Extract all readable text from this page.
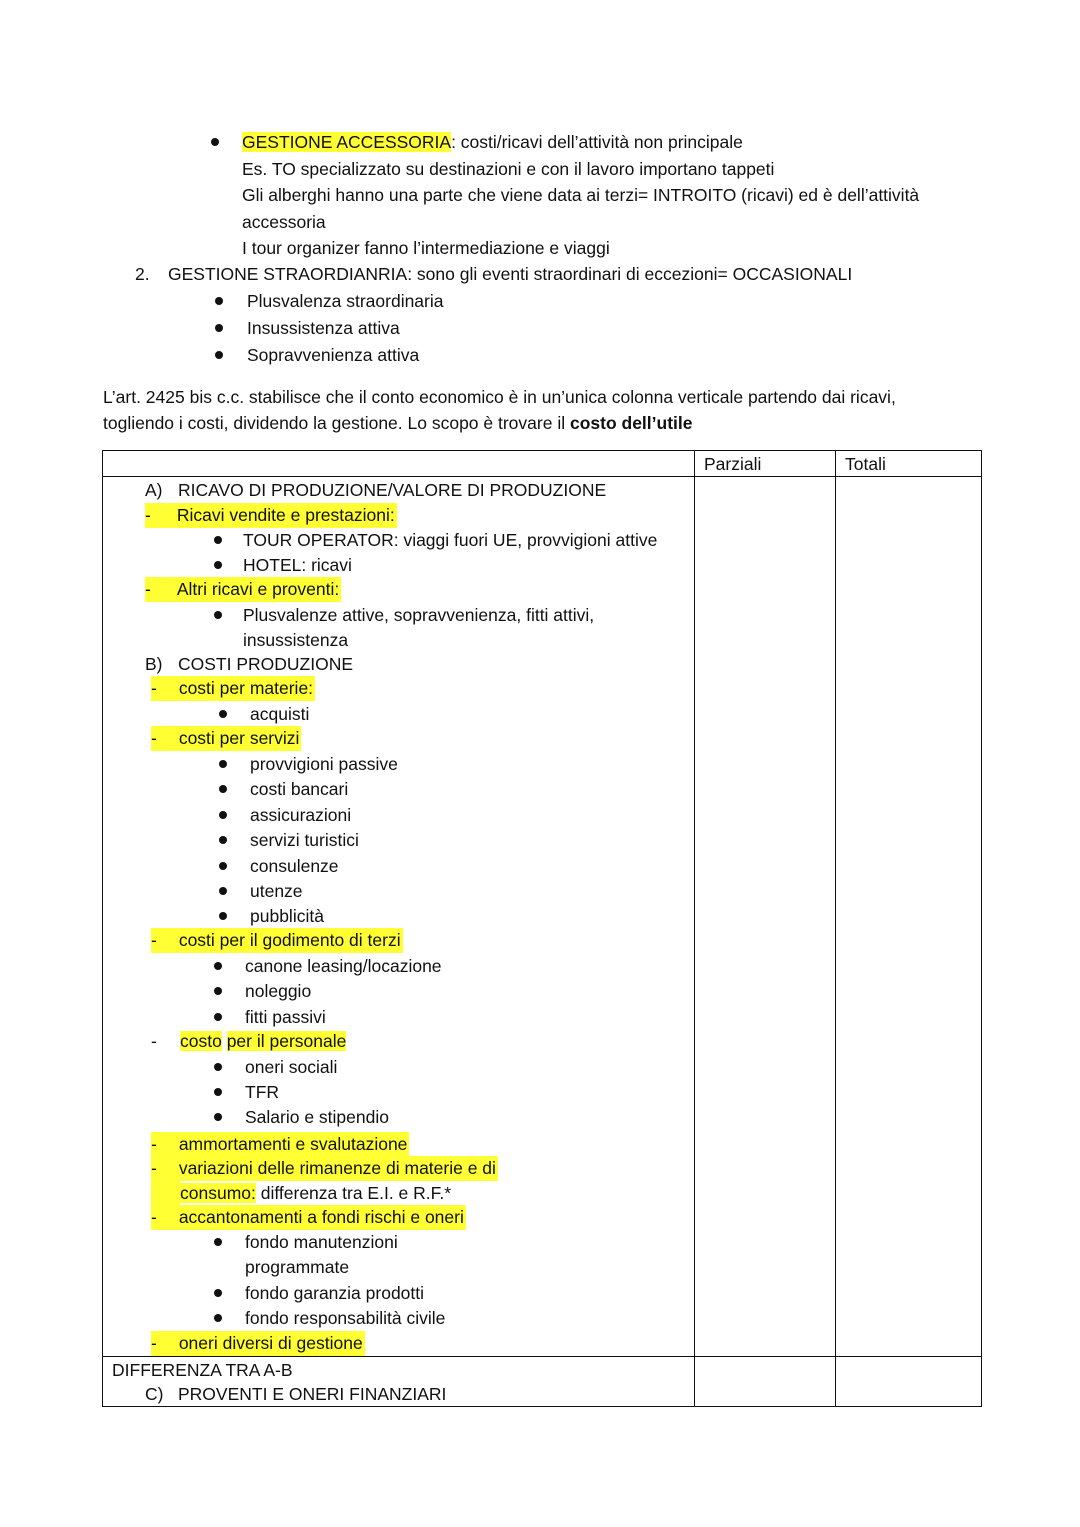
GESTIONE ACCESSORIA: costi/ricavi dell’attività non principale
Es. TO specializzato su destinazioni e con il lavoro importano tappeti
Gli alberghi hanno una parte che viene data ai terzi= INTROITO (ricavi) ed è dell’attività
accessoria
I tour organizer fanno l’intermediazione e viaggi
2. GESTIONE STRAORDIANRIA: sono gli eventi straordinari di eccezioni= OCCASIONALI
Plusvalenza straordinaria
Insussistenza attiva
Sopravvenienza attiva
L’art. 2425 bis c.c. stabilisce che il conto economico è in un’unica colonna verticale partendo dai ricavi,
togliendo i costi, dividendo la gestione. Lo scopo è trovare il costo dell’utile
Parziali	Totali
A) RICAVO DI PRODUZIONE/VALORE DI PRODUZIONE
- Ricavi vendite e prestazioni:
TOUR OPERATOR: viaggi fuori UE, provvigioni attive
HOTEL: ricavi
- Altri ricavi e proventi:
Plusvalenze attive, sopravvenienza, fitti attivi,
insussistenza
B) COSTI PRODUZIONE
- costi per materie:
acquisti
- costi per servizi
provvigioni passive
costi bancari
assicurazioni
servizi turistici
consulenze
utenze
pubblicità
- costi per il godimento di terzi
canone leasing/locazione
noleggio
fitti passivi
- costo per il personale
oneri sociali
TFR
Salario e stipendio
- ammortamenti e svalutazione
- variazioni delle rimanenze di materie e di
consumo: differenza tra E.I. e R.F.*
- accantonamenti a fondi rischi e oneri
fondo manutenzioni
programmate
fondo garanzia prodotti
fondo responsabilità civile
- oneri diversi di gestione
DIFFERENZA TRA A-B
C) PROVENTI E ONERI FINANZIARI
